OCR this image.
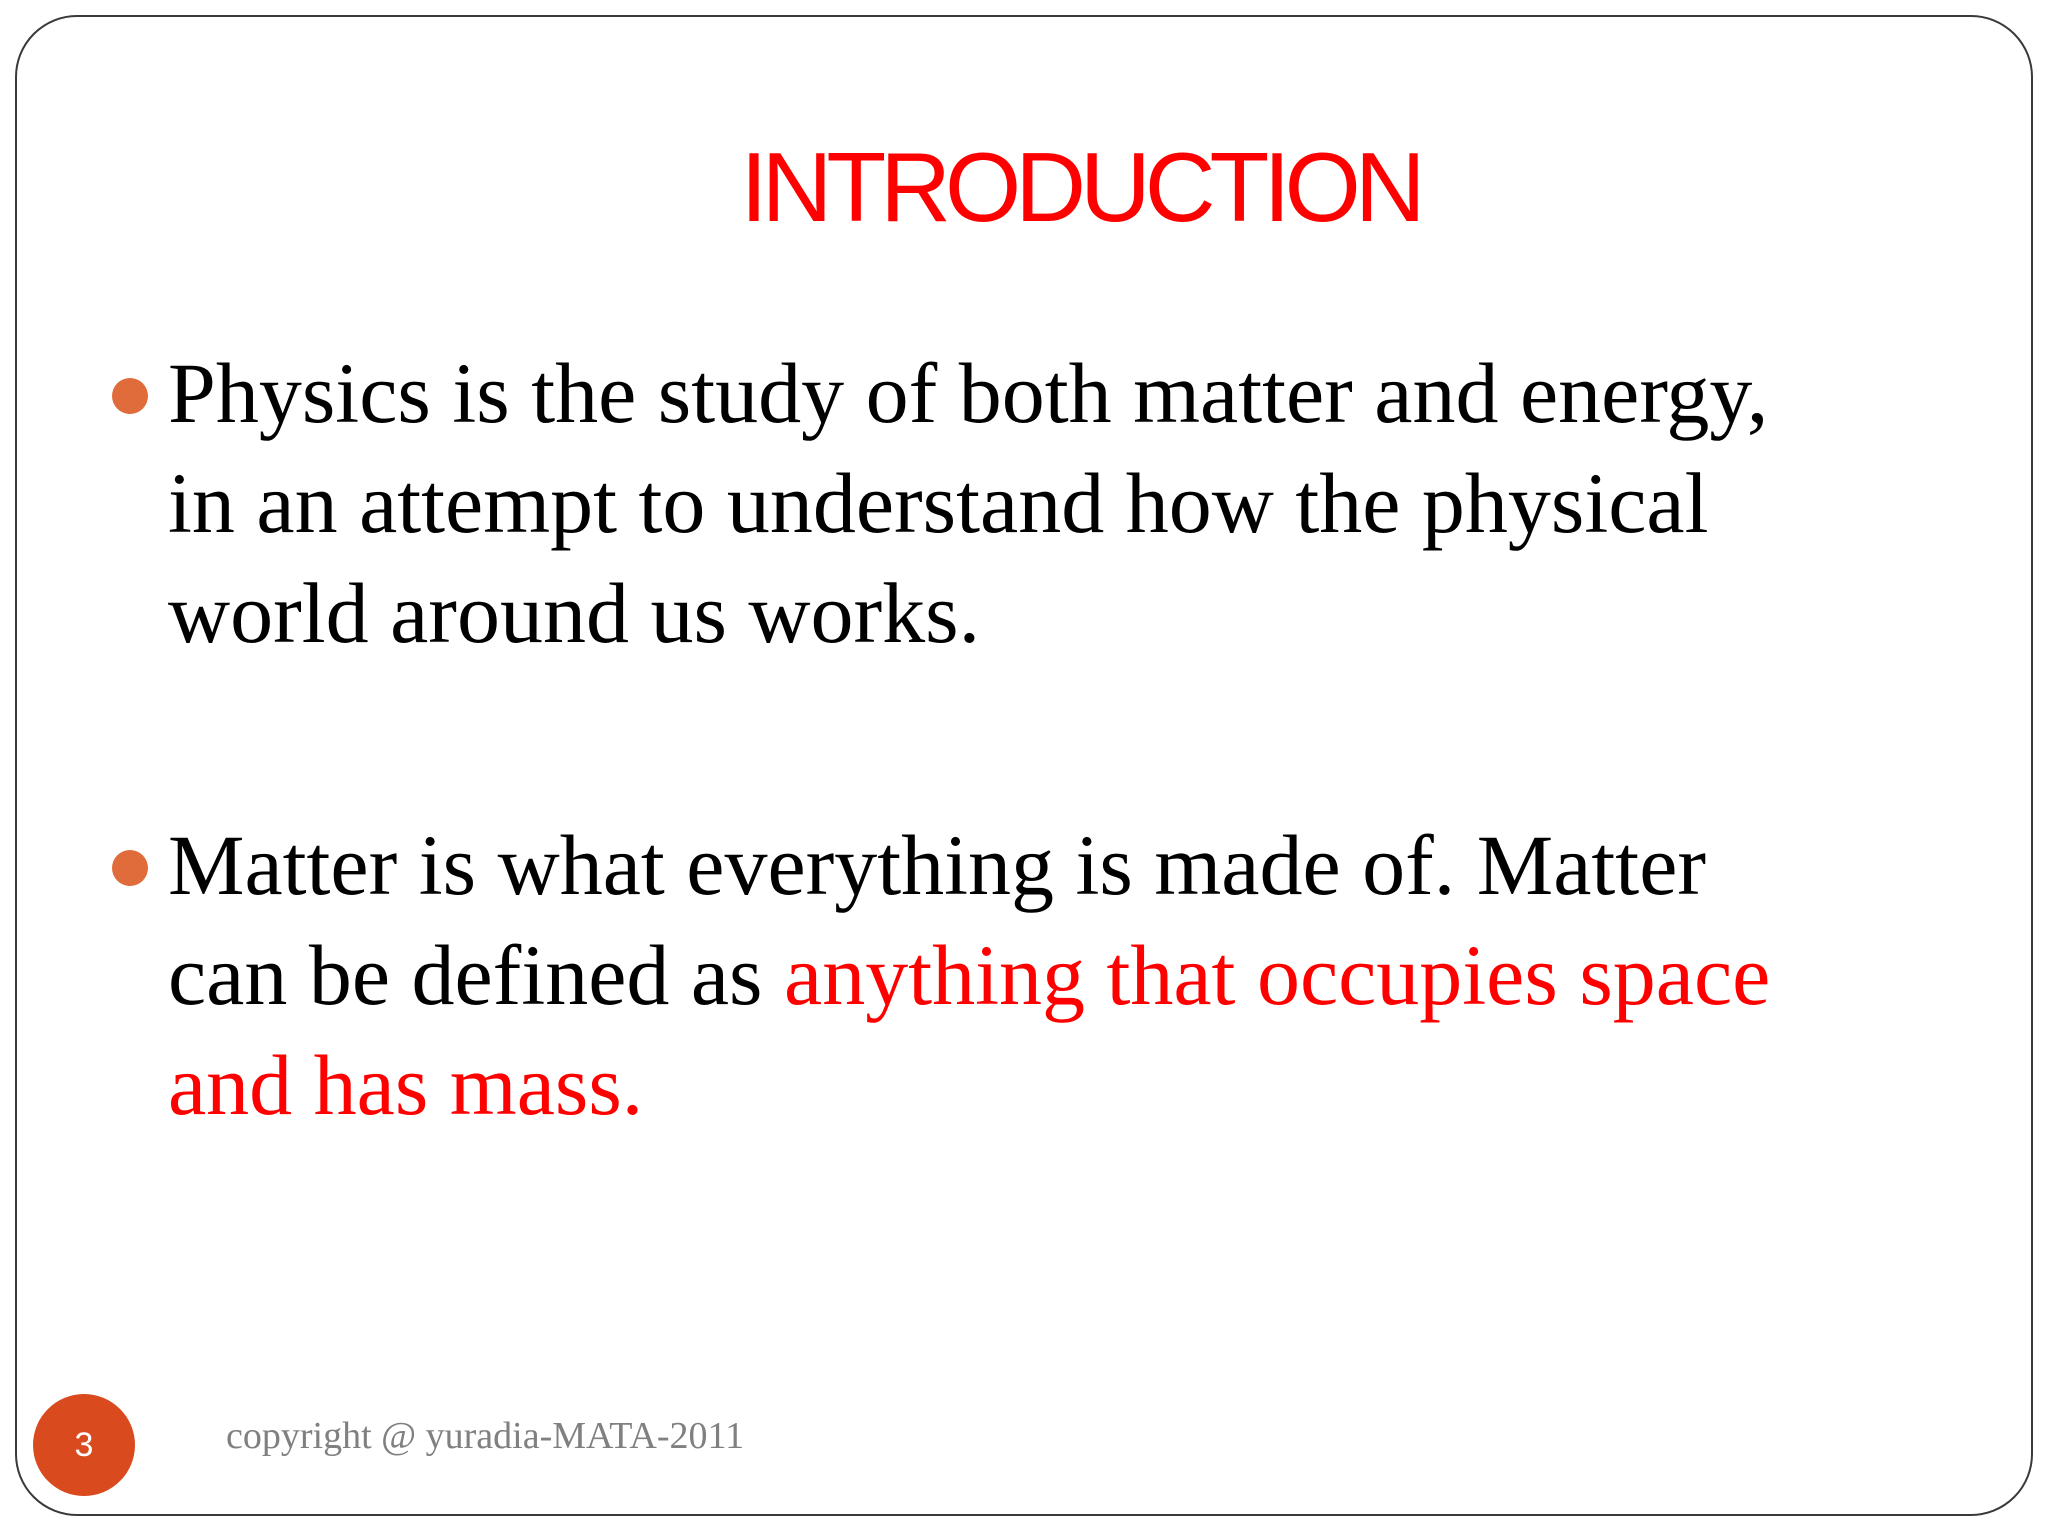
INTRODUCTION
Physics is the study of both matter and energy,
in an attempt to understand how the physical
world around us works.
Matter is what everything is made of. Matter
can be defined as anything that occupies space
and has mass.
3	copyright @ yuradia-MATA-2011
